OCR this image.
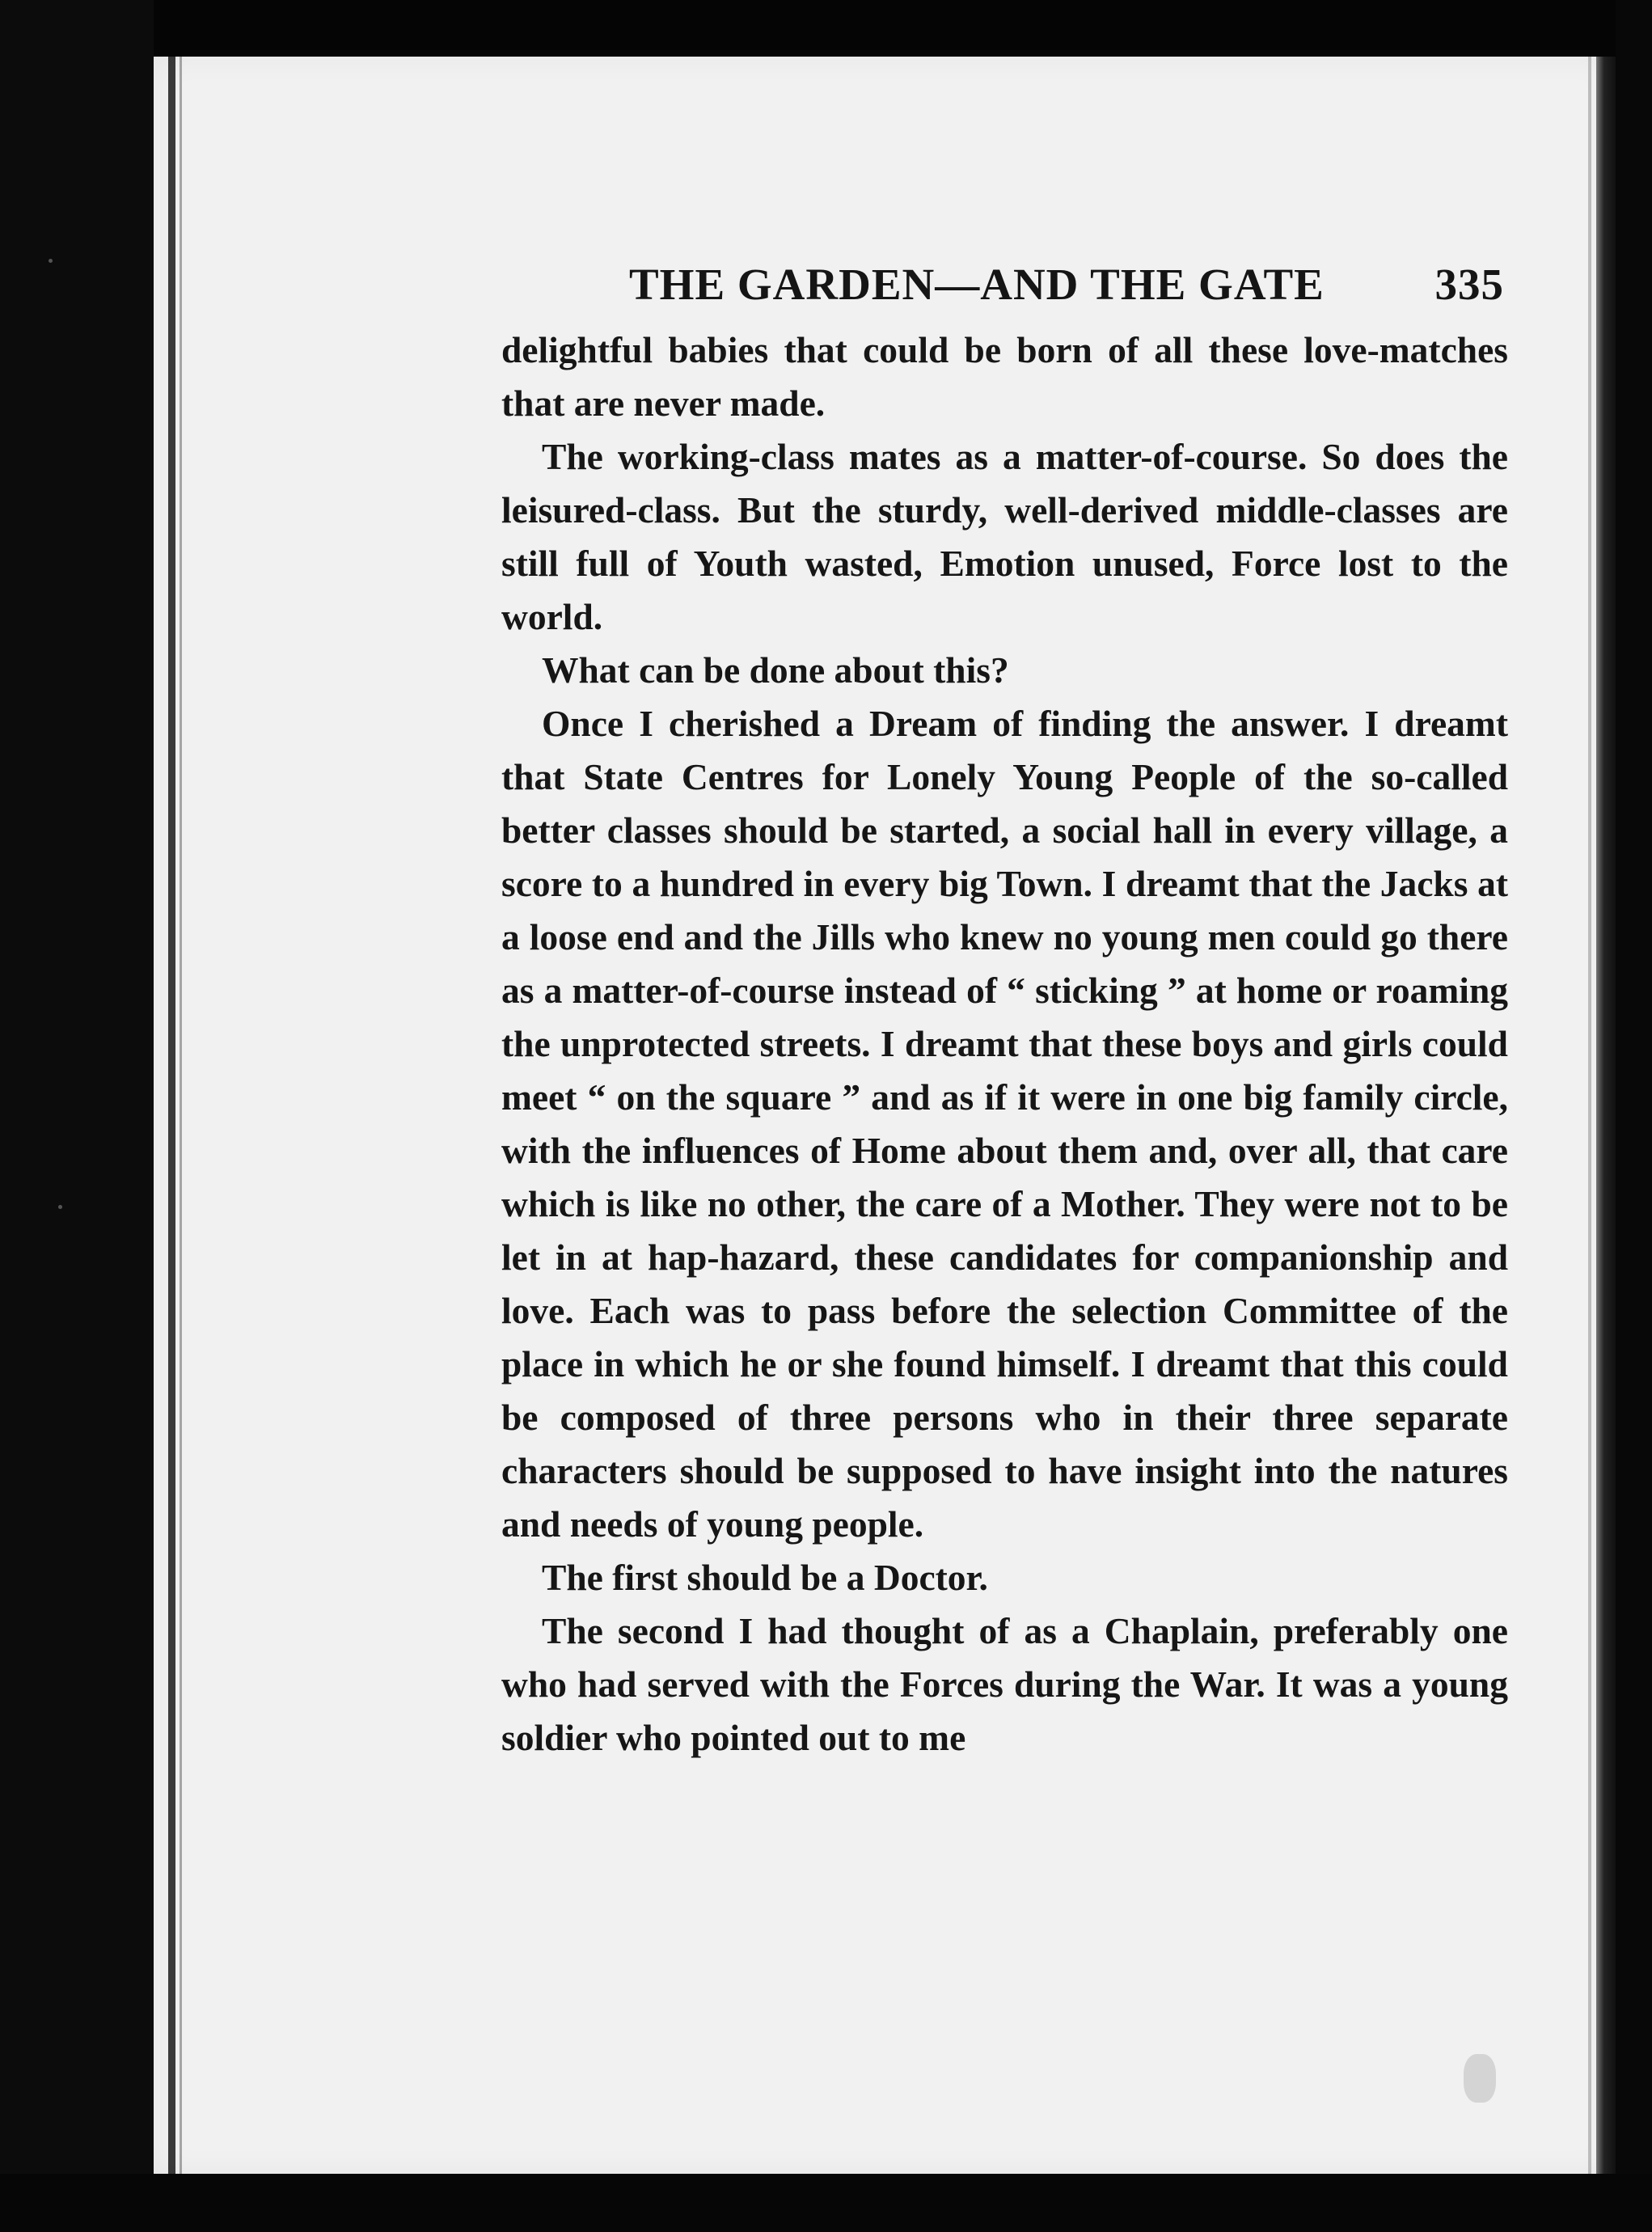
THE GARDEN—AND THE GATE 335

delightful babies that could be born of all these love-matches that are never made.

The working-class mates as a matter-of-course. So does the leisured-class. But the sturdy, well-derived middle-classes are still full of Youth wasted, Emotion unused, Force lost to the world.

What can be done about this?

Once I cherished a Dream of finding the answer. I dreamt that State Centres for Lonely Young People of the so-called better classes should be started, a social hall in every village, a score to a hundred in every big Town. I dreamt that the Jacks at a loose end and the Jills who knew no young men could go there as a matter-of-course instead of “ sticking ” at home or roaming the unprotected streets. I dreamt that these boys and girls could meet “ on the square ” and as if it were in one big family circle, with the influences of Home about them and, over all, that care which is like no other, the care of a Mother. They were not to be let in at hap-hazard, these candidates for companionship and love. Each was to pass before the selection Committee of the place in which he or she found himself. I dreamt that this could be composed of three persons who in their three separate characters should be supposed to have insight into the natures and needs of young people.

The first should be a Doctor.

The second I had thought of as a Chaplain, preferably one who had served with the Forces during the War. It was a young soldier who pointed out to me
